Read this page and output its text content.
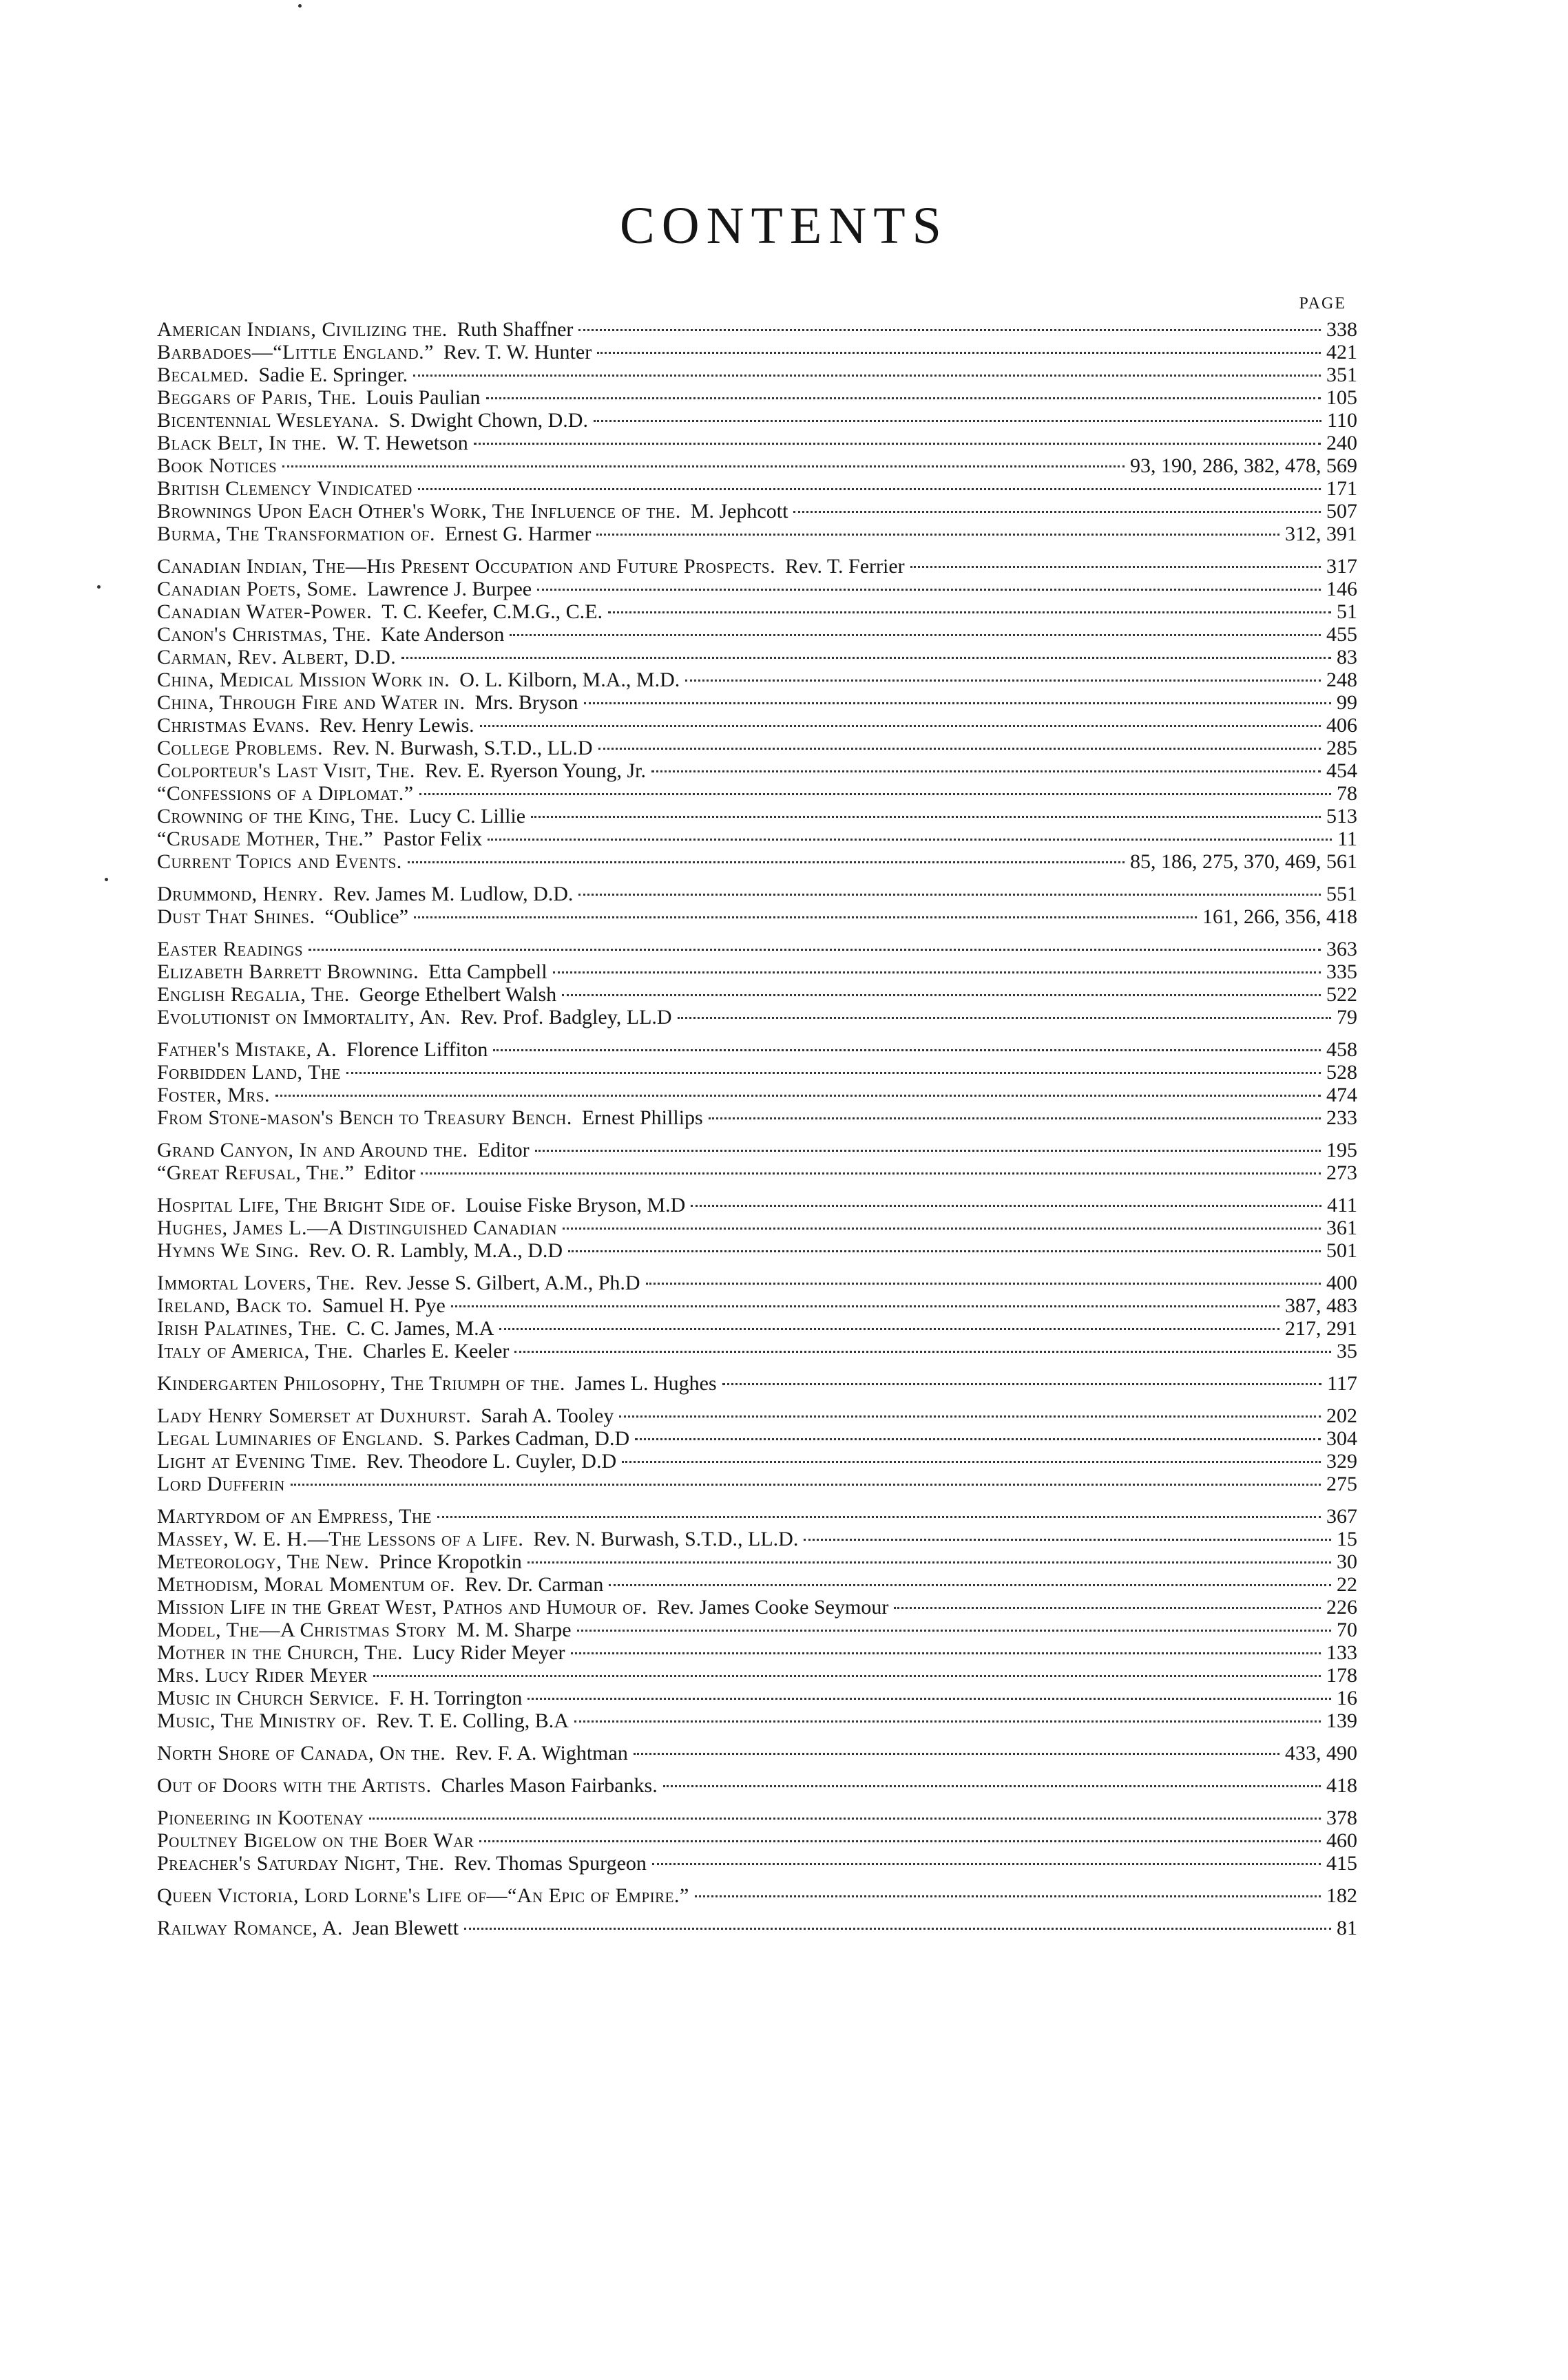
CONTENTS
PAGE
American Indians, Civilizing the. Ruth Shaffner	338
Barbadoes—“Little England.” Rev. T. W. Hunter	421
Becalmed. Sadie E. Springer.	351
Beggars of Paris, The. Louis Paulian	105
Bicentennial Wesleyana. S. Dwight Chown, D.D.	110
Black Belt, In the. W. T. Hewetson	240
Book Notices	93, 190, 286, 382, 478, 569
British Clemency Vindicated	171
Brownings Upon Each Other's Work, The Influence of the. M. Jephcott	507
Burma, The Transformation of. Ernest G. Harmer	312, 391
Canadian Indian, The—His Present Occupation and Future Prospects. Rev. T. Ferrier	317
Canadian Poets, Some. Lawrence J. Burpee	146
Canadian Water-Power. T. C. Keefer, C.M.G., C.E.	51
Canon's Christmas, The. Kate Anderson	455
Carman, Rev. Albert, D.D.	83
China, Medical Mission Work in. O. L. Kilborn, M.A., M.D.	248
China, Through Fire and Water in. Mrs. Bryson	99
Christmas Evans. Rev. Henry Lewis.	406
College Problems. Rev. N. Burwash, S.T.D., LL.D	285
Colporteur's Last Visit, The. Rev. E. Ryerson Young, Jr.	454
“Confessions of a Diplomat.”	78
Crowning of the King, The. Lucy C. Lillie	513
“Crusade Mother, The.” Pastor Felix	11
Current Topics and Events.	85, 186, 275, 370, 469, 561
Drummond, Henry. Rev. James M. Ludlow, D.D.	551
Dust That Shines. “Oublice”	161, 266, 356, 418
Easter Readings	363
Elizabeth Barrett Browning. Etta Campbell	335
English Regalia, The. George Ethelbert Walsh	522
Evolutionist on Immortality, An. Rev. Prof. Badgley, LL.D	79
Father's Mistake, A. Florence Liffiton	458
Forbidden Land, The	528
Foster, Mrs.	474
From Stone-mason's Bench to Treasury Bench. Ernest Phillips	233
Grand Canyon, In and Around the. Editor	195
“Great Refusal, The.” Editor	273
Hospital Life, The Bright Side of. Louise Fiske Bryson, M.D	411
Hughes, James L.—A Distinguished Canadian	361
Hymns We Sing. Rev. O. R. Lambly, M.A., D.D	501
Immortal Lovers, The. Rev. Jesse S. Gilbert, A.M., Ph.D	400
Ireland, Back to. Samuel H. Pye	387, 483
Irish Palatines, The. C. C. James, M.A	217, 291
Italy of America, The. Charles E. Keeler	35
Kindergarten Philosophy, The Triumph of the. James L. Hughes	117
Lady Henry Somerset at Duxhurst. Sarah A. Tooley	202
Legal Luminaries of England. S. Parkes Cadman, D.D	304
Light at Evening Time. Rev. Theodore L. Cuyler, D.D	329
Lord Dufferin	275
Martyrdom of an Empress, The	367
Massey, W. E. H.—The Lessons of a Life. Rev. N. Burwash, S.T.D., LL.D.	15
Meteorology, The New. Prince Kropotkin	30
Methodism, Moral Momentum of. Rev. Dr. Carman	22
Mission Life in the Great West, Pathos and Humour of. Rev. James Cooke Seymour	226
Model, The—A Christmas Story M. M. Sharpe	70
Mother in the Church, The. Lucy Rider Meyer	133
Mrs. Lucy Rider Meyer	178
Music in Church Service. F. H. Torrington	16
Music, The Ministry of. Rev. T. E. Colling, B.A	139
North Shore of Canada, On the. Rev. F. A. Wightman	433, 490
Out of Doors with the Artists. Charles Mason Fairbanks.	418
Pioneering in Kootenay	378
Poultney Bigelow on the Boer War	460
Preacher's Saturday Night, The. Rev. Thomas Spurgeon	415
Queen Victoria, Lord Lorne's Life of—“An Epic of Empire.”	182
Railway Romance, A. Jean Blewett	81
